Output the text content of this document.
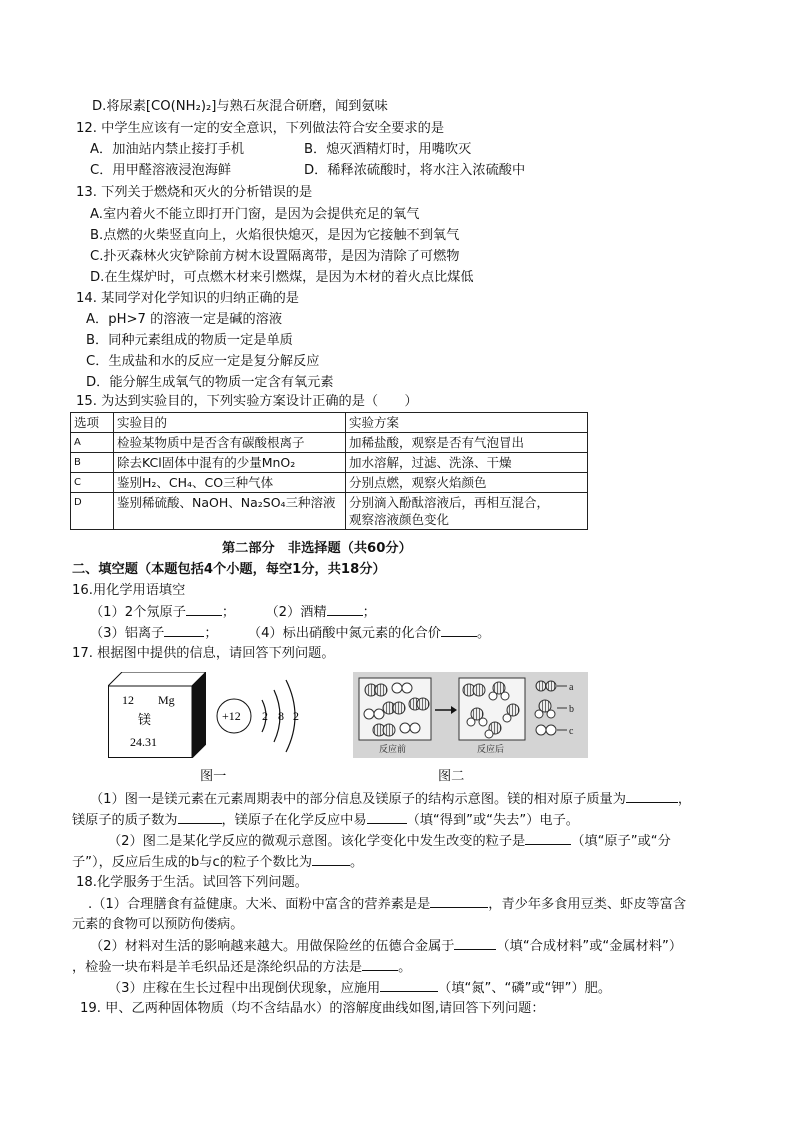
D.将尿素[CO(NH₂)₂]与熟石灰混合研磨，闻到氨味
12. 中学生应该有一定的安全意识，下列做法符合安全要求的是
A．加油站内禁止接打手机	B．熄灭酒精灯时，用嘴吹灭
C．用甲醛溶液浸泡海鲜	D．稀释浓硫酸时，将水注入浓硫酸中
13. 下列关于燃烧和灭火的分析错误的是
A.室内着火不能立即打开门窗，是因为会提供充足的氧气
B.点燃的火柴竖直向上，火焰很快熄灭，是因为它接触不到氧气
C.扑灭森林火灾铲除前方树木设置隔离带，是因为清除了可燃物
D.在生煤炉时，可点燃木材来引燃煤，是因为木材的着火点比煤低
14. 某同学对化学知识的归纳正确的是
A．pH>7 的溶液一定是碱的溶液
B．同种元素组成的物质一定是单质
C．生成盐和水的反应一定是复分解反应
D．能分解生成氧气的物质一定含有氧元素
15. 为达到实验目的，下列实验方案设计正确的是（　　）
选项	实验目的	实验方案
A	检验某物质中是否含有碳酸根离子	加稀盐酸，观察是否有气泡冒出
B	除去KCl固体中混有的少量MnO₂	加水溶解，过滤、洗涤、干燥
C	鉴别H₂、CH₄、CO三种气体	分别点燃，观察火焰颜色
D	鉴别稀硫酸、NaOH、Na₂SO₄三种溶液	分别滴入酚酞溶液后，再相互混合，
观察溶液颜色变化
第二部分　非选择题（共60分）
二、填空题（本题包括4个小题，每空1分，共18分）
16.用化学用语填空
（1）2个氖原子	； （2）酒精	；
（3）铝离子	； （4）标出硝酸中氮元素的化合价	。
17. 根据图中提供的信息，请回答下列问题。
12 Mg
镁
24.31
+12 2 8 2
a
b
c
反应前	反应后
图一	图二
（1）图一是镁元素在元素周期表中的部分信息及镁原子的结构示意图。镁的相对原子质量为	，
镁原子的质子数为	，镁原子在化学反应中易	（填“得到”或“失去”）电子。
（2）图二是某化学反应的微观示意图。该化学变化中发生改变的粒子是	（填“原子”或“分
子”），反应后生成的b与c的粒子个数比为	。
18.化学服务于生活。试回答下列问题。
.（1）合理膳食有益健康。大米、面粉中富含的营养素是是	，青少年多食用豆类、虾皮等富含
元素的食物可以预防佝偻病。
（2）材料对生活的影响越来越大。用做保险丝的伍德合金属于	（填“合成材料”或“金属材料”）
，检验一块布料是羊毛织品还是涤纶织品的方法是	。
（3）庄稼在生长过程中出现倒伏现象，应施用	（填“氮”、“磷”或“钾”）肥。
19. 甲、乙两种固体物质（均不含结晶水）的溶解度曲线如图,请回答下列问题：
